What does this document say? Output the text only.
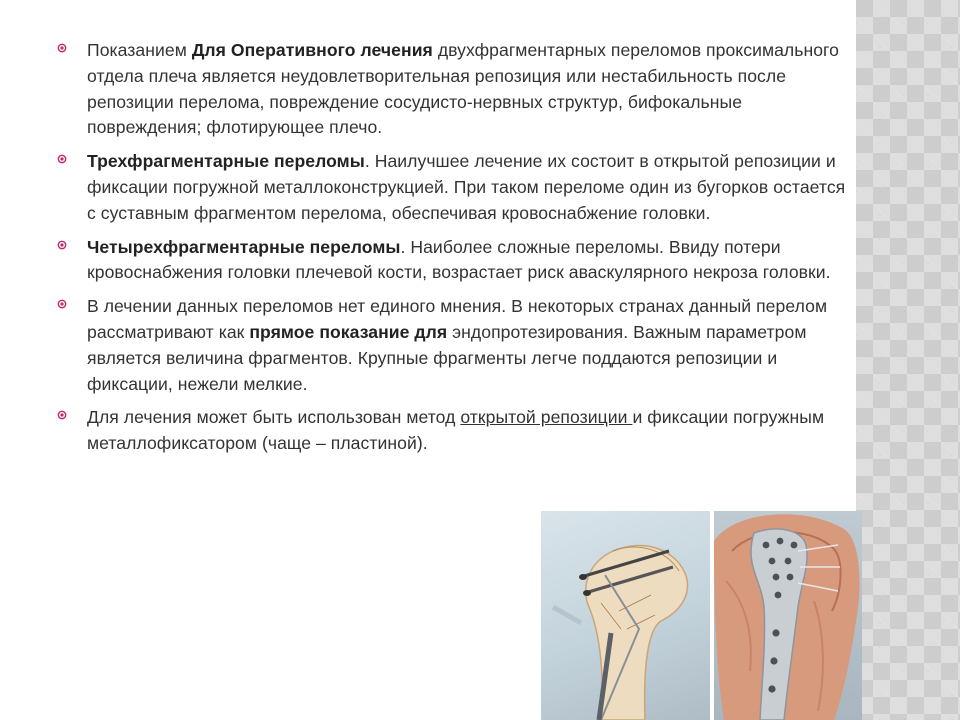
Показанием Для Оперативного лечения двухфрагментарных переломов проксимального отдела плеча является неудовлетворительная репозиция или нестабильность после репозиции перелома, повреждение сосудисто-нервных структур, бифокальные повреждения; флотирующее плечо.
Трехфрагментарные переломы. Наилучшее лечение их состоит в открытой репозиции и фиксации погружной металлоконструкцией. При таком переломе один из бугорков остается с суставным фрагментом перелома, обеспечивая кровоснабжение головки.
Четырехфрагментарные переломы. Наиболее сложные переломы. Ввиду потери кровоснабжения головки плечевой кости, возрастает риск аваскулярного некроза головки.
В лечении данных переломов нет единого мнения. В некоторых странах данный перелом рассматривают как прямое показание для эндопротезирования. Важным параметром является величина фрагментов. Крупные фрагменты легче поддаются репозиции и фиксации, нежели мелкие.
Для лечения может быть использован метод открытой репозиции и фиксации погружным металлофиксатором (чаще – пластиной).
